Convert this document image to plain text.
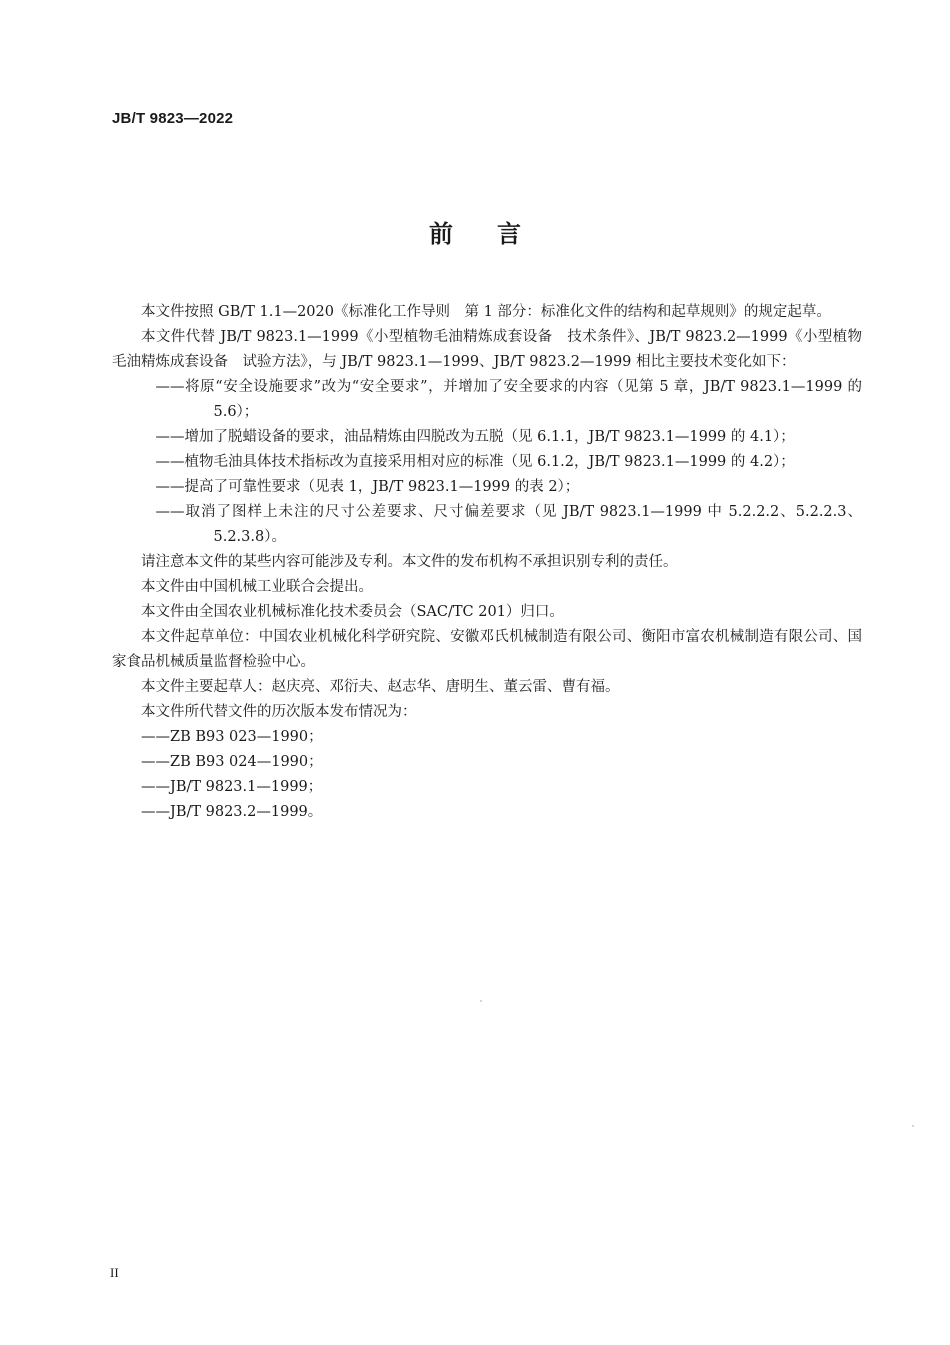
JB/T 9823—2022
前言

本文件按照 GB/T 1.1—2020《标准化工作导则　第 1 部分：标准化文件的结构和起草规则》的规定起草。

本文件代替 JB/T 9823.1—1999《小型植物毛油精炼成套设备　技术条件》、JB/T 9823.2—1999《小型植物毛油精炼成套设备　试验方法》，与 JB/T 9823.1—1999、JB/T 9823.2—1999 相比主要技术变化如下：

——将原“安全设施要求”改为“安全要求”，并增加了安全要求的内容（见第 5 章，JB/T 9823.1—1999 的 5.6）；

——增加了脱蜡设备的要求，油品精炼由四脱改为五脱（见 6.1.1，JB/T 9823.1—1999 的 4.1）；

——植物毛油具体技术指标改为直接采用相对应的标准（见 6.1.2，JB/T 9823.1—1999 的 4.2）；

——提高了可靠性要求（见表 1，JB/T 9823.1—1999 的表 2）；

——取消了图样上未注的尺寸公差要求、尺寸偏差要求（见 JB/T 9823.1—1999 中 5.2.2.2、5.2.2.3、5.2.3.8）。

请注意本文件的某些内容可能涉及专利。本文件的发布机构不承担识别专利的责任。

本文件由中国机械工业联合会提出。

本文件由全国农业机械标准化技术委员会（SAC/TC 201）归口。

本文件起草单位：中国农业机械化科学研究院、安徽邓氏机械制造有限公司、衡阳市富农机械制造有限公司、国家食品机械质量监督检验中心。

本文件主要起草人：赵庆亮、邓衍夫、赵志华、唐明生、董云雷、曹有福。

本文件所代替文件的历次版本发布情况为：

——ZB B93 023—1990；

——ZB B93 024—1990；

——JB/T 9823.1—1999；

——JB/T 9823.2—1999。

II
